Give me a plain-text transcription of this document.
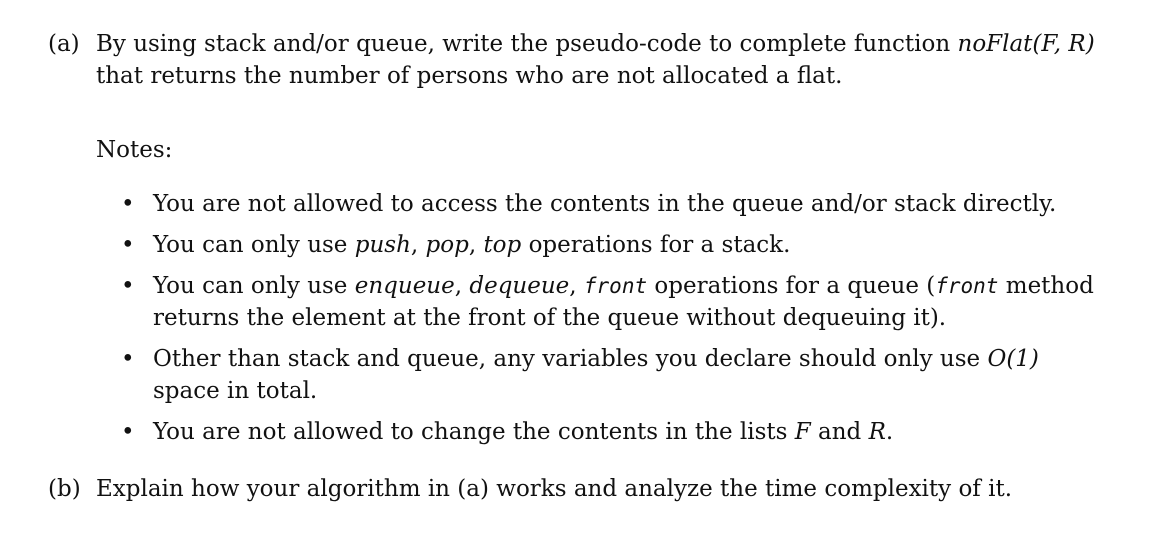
(a) By using stack and/or queue, write the pseudo-code to complete function noFlat(F, R)
that returns the number of persons who are not allocated a flat.
Notes:
• You are not allowed to access the contents in the queue and/or stack directly.
• You can only use push, pop, top operations for a stack.
• You can only use enqueue, dequeue, front operations for a queue (front method returns the element at the front of the queue without dequeuing it).
• Other than stack and queue, any variables you declare should only use O(1) space in total.
• You are not allowed to change the contents in the lists F and R.
(b) Explain how your algorithm in (a) works and analyze the time complexity of it.
